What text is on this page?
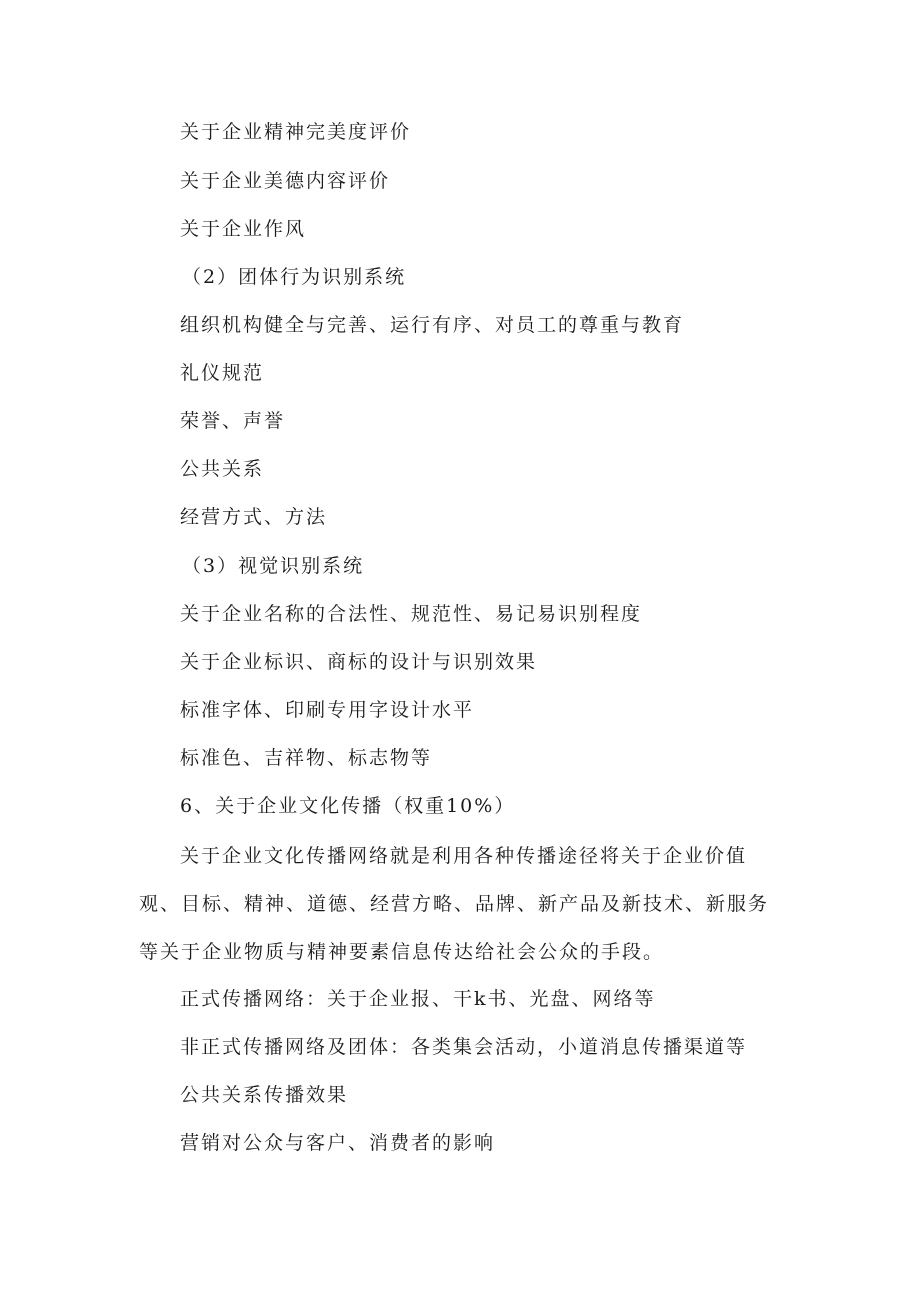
关于企业精神完美度评价
关于企业美德内容评价
关于企业作风
（2）团体行为识别系统
组织机构健全与完善、运行有序、对员工的尊重与教育
礼仪规范
荣誉、声誉
公共关系
经营方式、方法
（3）视觉识别系统
关于企业名称的合法性、规范性、易记易识别程度
关于企业标识、商标的设计与识别效果
标准字体、印刷专用字设计水平
标准色、吉祥物、标志物等
6、关于企业文化传播（权重10%）
关于企业文化传播网络就是利用各种传播途径将关于企业价值观、目标、精神、道德、经营方略、品牌、新产品及新技术、新服务等关于企业物质与精神要素信息传达给社会公众的手段。
正式传播网络：关于企业报、干k书、光盘、网络等
非正式传播网络及团体：各类集会活动，小道消息传播渠道等
公共关系传播效果
营销对公众与客户、消费者的影响
